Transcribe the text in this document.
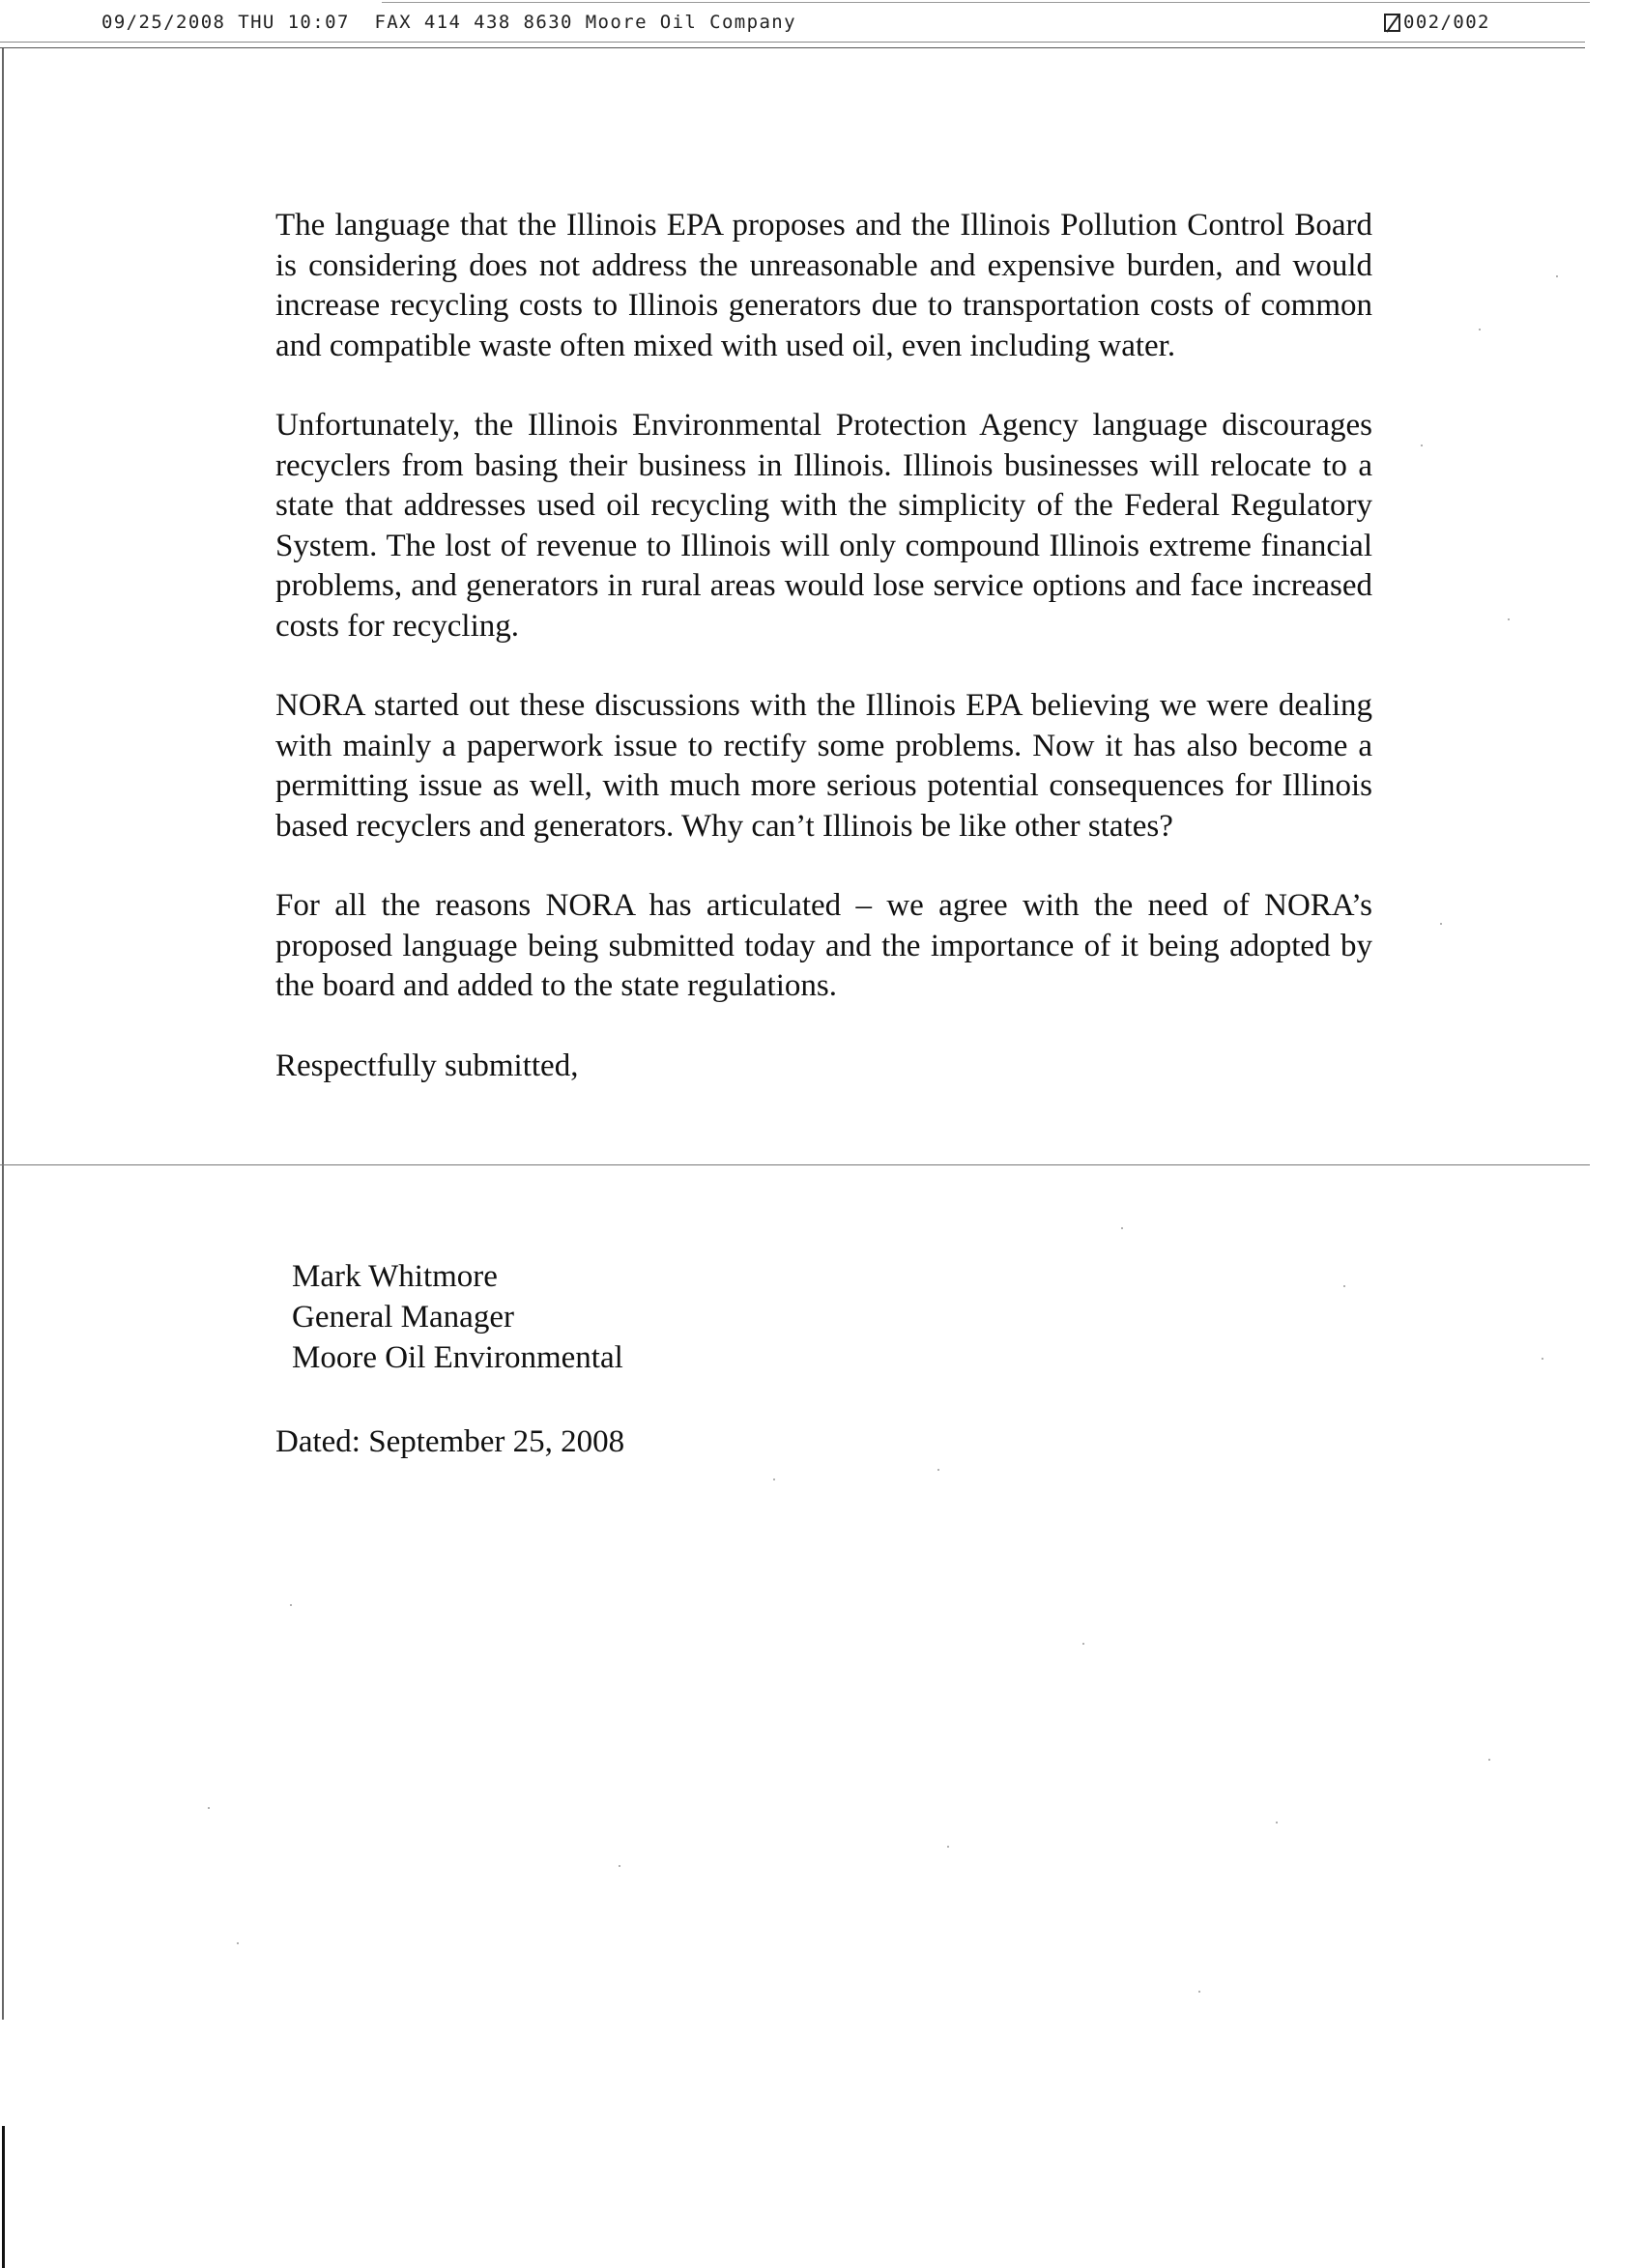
09/25/2008 THU 10:07  FAX 414 438 8630 Moore Oil Company	002/002

The language that the Illinois EPA proposes and the Illinois Pollution Control Board is considering does not address the unreasonable and expensive burden, and would increase recycling costs to Illinois generators due to transportation costs of common and compatible waste often mixed with used oil, even including water.

Unfortunately, the Illinois Environmental Protection Agency language discourages recyclers from basing their business in Illinois. Illinois businesses will relocate to a state that addresses used oil recycling with the simplicity of the Federal Regulatory System. The lost of revenue to Illinois will only compound Illinois extreme financial problems, and generators in rural areas would lose service options and face increased costs for recycling.

NORA started out these discussions with the Illinois EPA believing we were dealing with mainly a paperwork issue to rectify some problems. Now it has also become a permitting issue as well, with much more serious potential consequences for Illinois based recyclers and generators. Why can’t Illinois be like other states?

For all the reasons NORA has articulated – we agree with the need of NORA’s proposed language being submitted today and the importance of it being adopted by the board and added to the state regulations.

Respectfully submitted,

Mark Whitmore
General Manager
Moore Oil Environmental
Dated: September 25, 2008
